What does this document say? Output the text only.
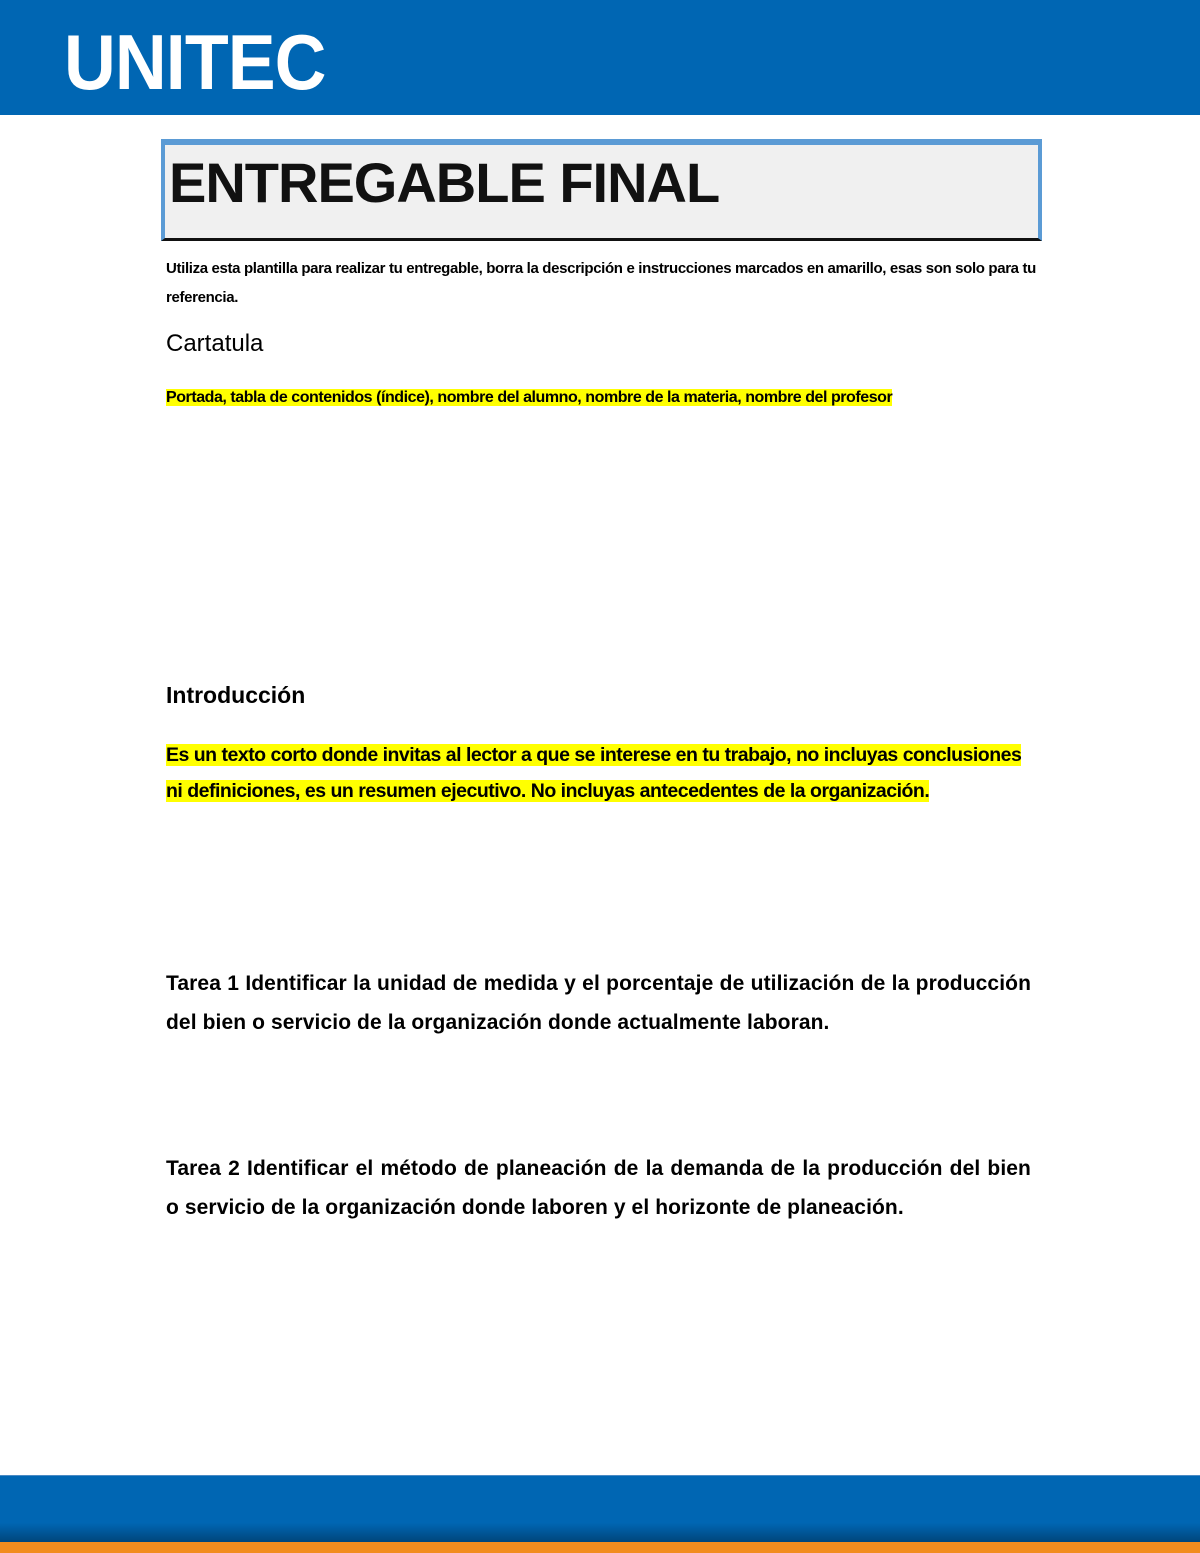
UNITEC
ENTREGABLE FINAL
Utiliza esta plantilla para realizar tu entregable, borra la descripción e instrucciones marcados en amarillo, esas son solo para tu referencia.
Cartatula
Portada, tabla de contenidos (índice), nombre del alumno, nombre de la materia, nombre del profesor
Introducción
Es un texto corto donde invitas al lector a que se interese en tu trabajo, no incluyas conclusiones ni definiciones, es un resumen ejecutivo. No incluyas antecedentes de la organización.
Tarea 1 Identificar la unidad de medida y el porcentaje de utilización de la producción del bien o servicio de la organización donde actualmente laboran.
Tarea 2 Identificar el método de planeación de la demanda de la producción del bien o servicio de la organización donde laboren y el horizonte de planeación.
